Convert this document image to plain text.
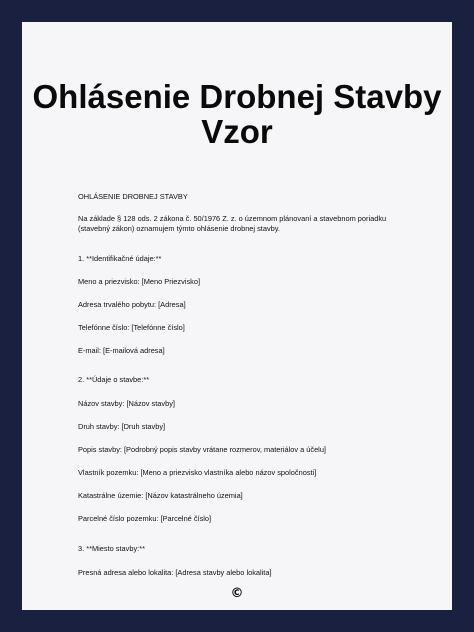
Ohlásenie Drobnej Stavby Vzor

OHLÁSENIE DROBNEJ STAVBY

Na základe § 128 ods. 2 zákona č. 50/1976 Z. z. o územnom plánovaní a stavebnom poriadku (stavebný zákon) oznamujem týmto ohlásenie drobnej stavby.

1. **Identifikačné údaje:**

Meno a priezvisko: [Meno Priezvisko]

Adresa trvalého pobytu: [Adresa]

Telefónne číslo: [Telefónne číslo]

E-mail: [E-mailová adresa]

2. **Údaje o stavbe:**

Názov stavby: [Názov stavby]

Druh stavby: [Druh stavby]

Popis stavby: [Podrobný popis stavby vrátane rozmerov, materiálov a účelu]

Vlastník pozemku: [Meno a priezvisko vlastníka alebo názov spoločnosti]

Katastrálne územie: [Názov katastrálneho územia]

Parcelné číslo pozemku: [Parcelné číslo]

3. **Miesto stavby:**

Presná adresa alebo lokalita: [Adresa stavby alebo lokalita]

©
